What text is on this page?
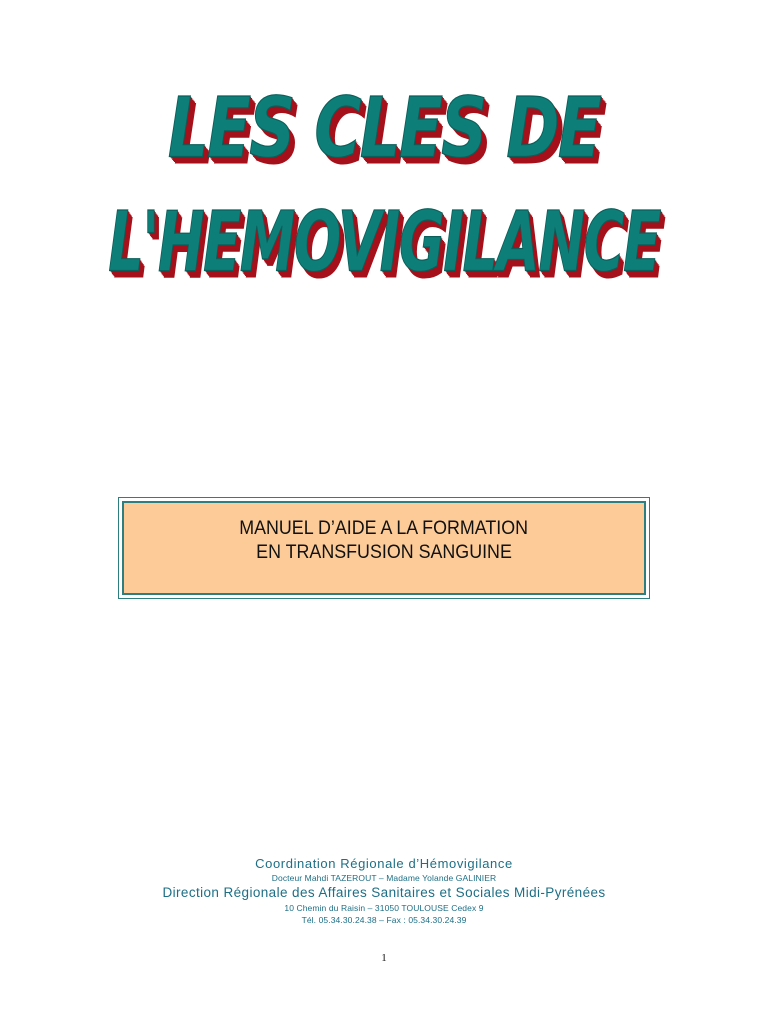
LES CLES DE
L'HEMOVIGILANCE
MANUEL D’AIDE A LA FORMATION
EN TRANSFUSION SANGUINE
Coordination Régionale d’Hémovigilance
Docteur Mahdi TAZEROUT – Madame Yolande GALINIER
Direction Régionale des Affaires Sanitaires et Sociales Midi-Pyrénées
10 Chemin du Raisin – 31050 TOULOUSE Cedex 9
Tél. 05.34.30.24.38 – Fax : 05.34.30.24.39
1
